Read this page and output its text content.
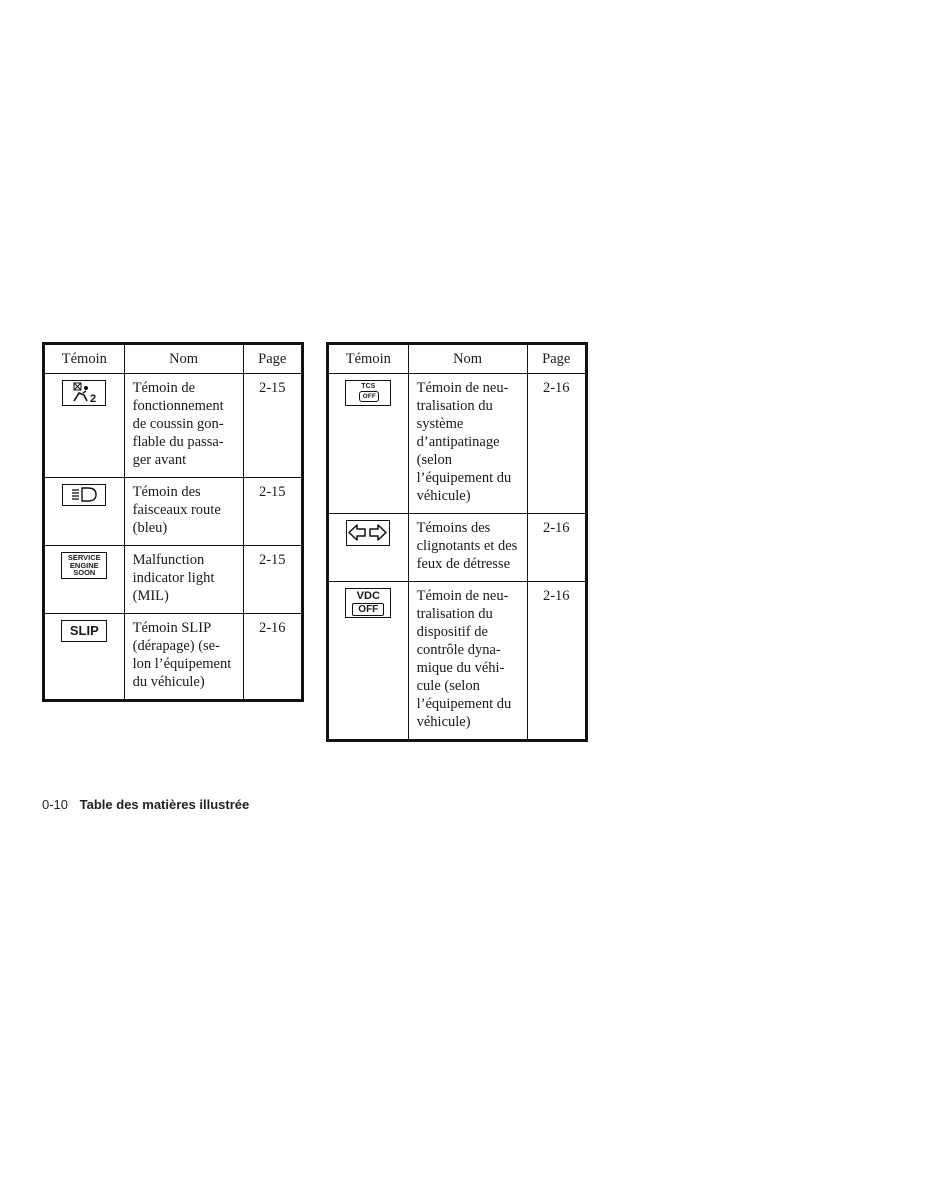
Témoin	Nom	Page

2	Témoin de fonctionnement de coussin gon-flable du passa-ger avant	2-15

	Témoin des faisceaux route (bleu)	2-15

SERVICE
ENGINE
SOON	Malfunction indicator light (MIL)	2-15
SLIP	Témoin SLIP (dérapage) (se-lon l’équipement du véhicule)	2-16
Témoin	Nom	Page

TCS
OFF	Témoin de neu-tralisation du système d’antipatinage (selon l’équipement du véhicule)	2-16

	Témoins des clignotants et des feux de détresse	2-16

VDC
OFF	Témoin de neu-tralisation du dispositif de contrôle dyna-mique du véhi-cule (selon l’équipement du véhicule)	2-16
0-10 Table des matières illustrée
